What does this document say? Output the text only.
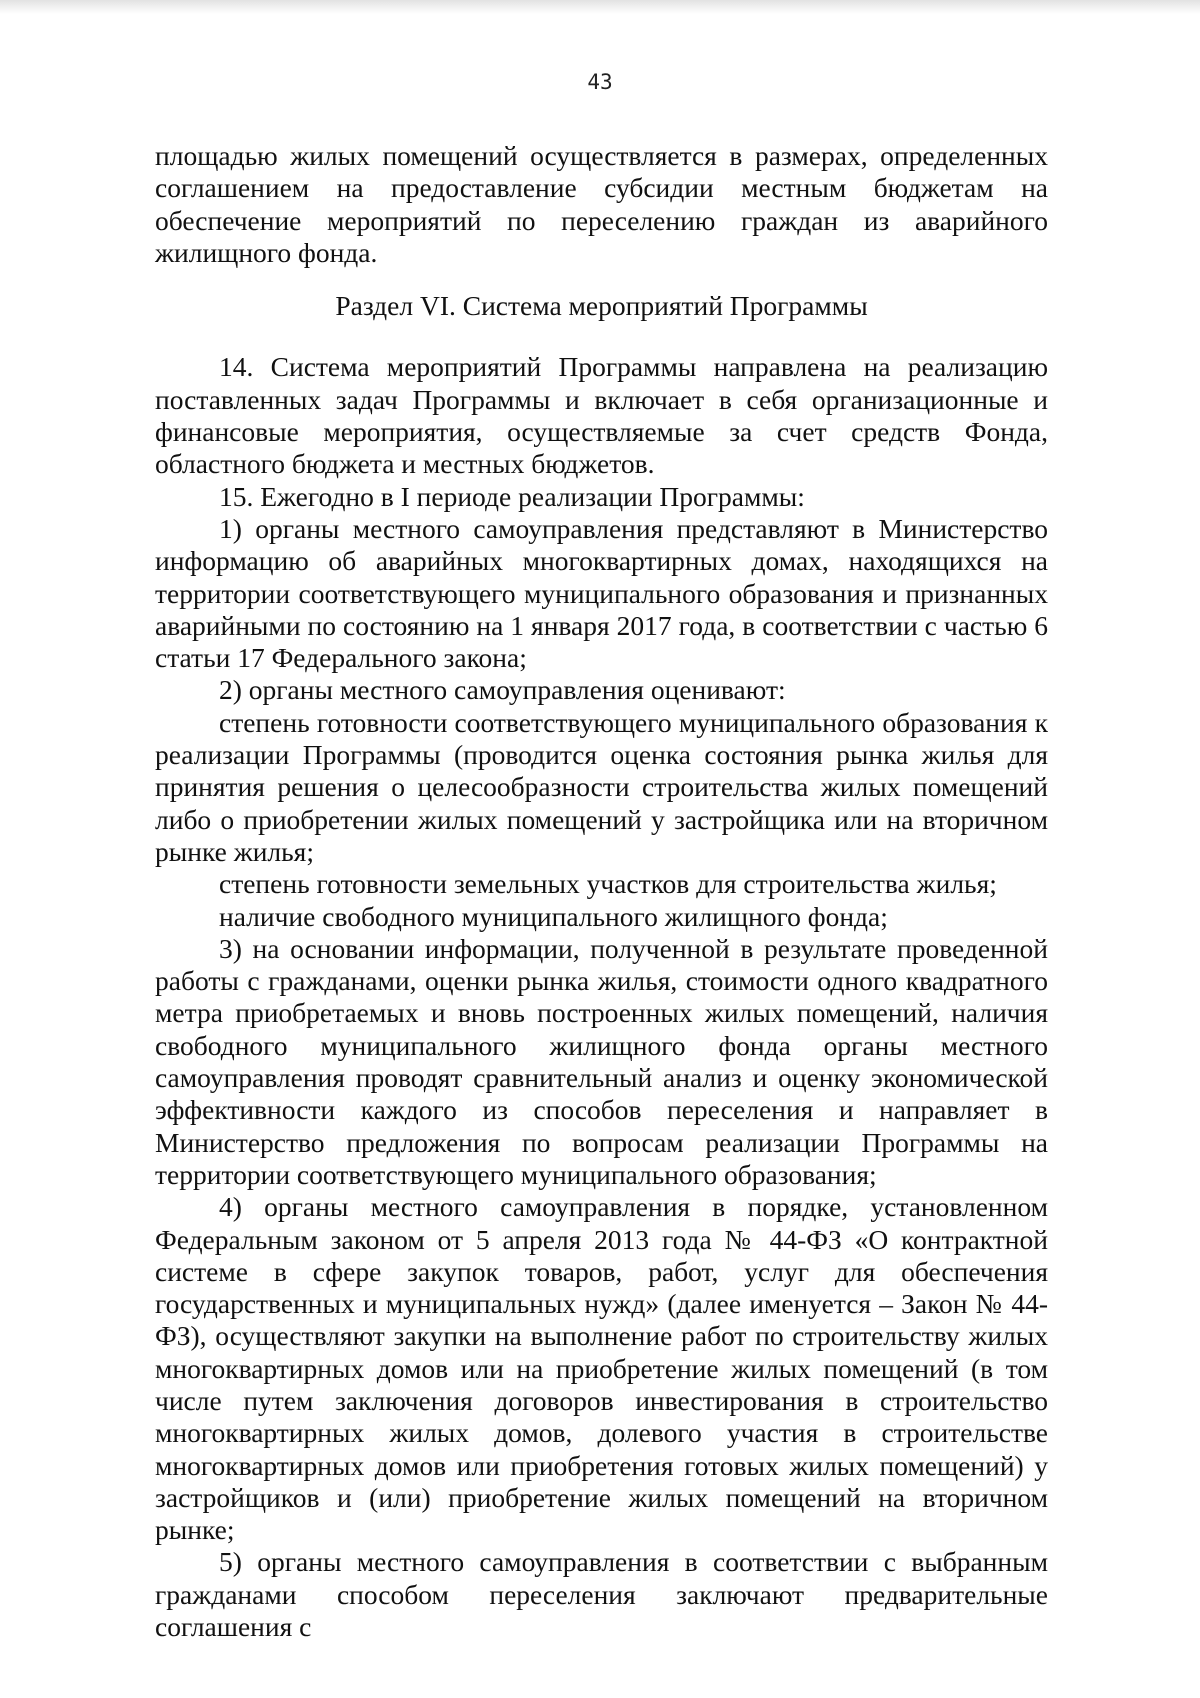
43

площадью жилых помещений осуществляется в размерах, определенных соглашением на предоставление субсидии местным бюджетам на обеспечение мероприятий по переселению граждан из аварийного жилищного фонда.

Раздел VI. Система мероприятий Программы

14. Система мероприятий Программы направлена на реализацию поставленных задач Программы и включает в себя организационные и финансовые мероприятия, осуществляемые за счет средств Фонда, областного бюджета и местных бюджетов.

15. Ежегодно в I периоде реализации Программы:

1) органы местного самоуправления представляют в Министерство информацию об аварийных многоквартирных домах, находящихся на территории соответствующего муниципального образования и признанных аварийными по состоянию на 1 января 2017 года, в соответствии с частью 6 статьи 17 Федерального закона;

2) органы местного самоуправления оценивают:

степень готовности соответствующего муниципального образования к реализации Программы (проводится оценка состояния рынка жилья для принятия решения о целесообразности строительства жилых помещений либо о приобретении жилых помещений у застройщика или на вторичном рынке жилья;

степень готовности земельных участков для строительства жилья;

наличие свободного муниципального жилищного фонда;

3) на основании информации, полученной в результате проведенной работы с гражданами, оценки рынка жилья, стоимости одного квадратного метра приобретаемых и вновь построенных жилых помещений, наличия свободного муниципального жилищного фонда органы местного самоуправления проводят сравнительный анализ и оценку экономической эффективности каждого из способов переселения и направляет в Министерство предложения по вопросам реализации Программы на территории соответствующего муниципального образования;

4) органы местного самоуправления в порядке, установленном Федеральным законом от 5 апреля 2013 года № 44-ФЗ «О контрактной системе в сфере закупок товаров, работ, услуг для обеспечения государственных и муниципальных нужд» (далее именуется – Закон № 44-ФЗ), осуществляют закупки на выполнение работ по строительству жилых многоквартирных домов или на приобретение жилых помещений (в том числе путем заключения договоров инвестирования в строительство многоквартирных жилых домов, долевого участия в строительстве многоквартирных домов или приобретения готовых жилых помещений) у застройщиков и (или) приобретение жилых помещений на вторичном рынке;

5) органы местного самоуправления в соответствии с выбранным гражданами способом переселения заключают предварительные соглашения с
